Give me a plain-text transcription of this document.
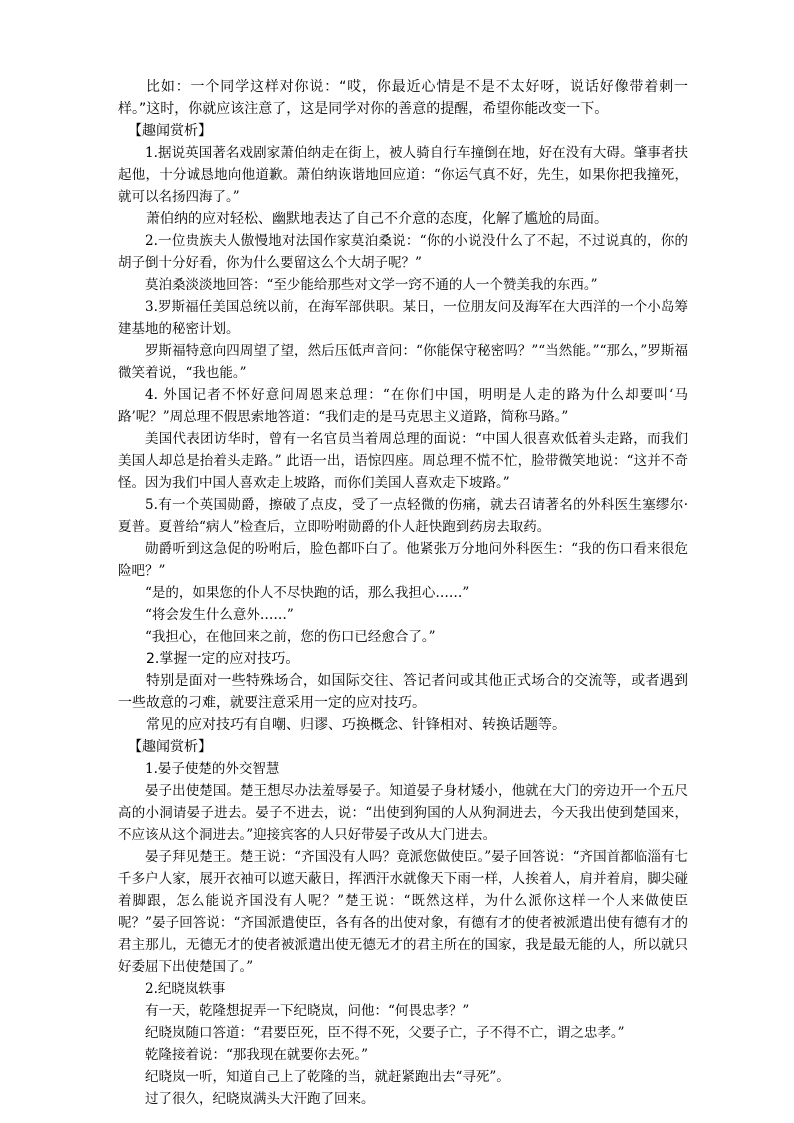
比如：一个同学这样对你说：“哎，你最近心情是不是不太好呀，说话好像带着刺一样。”这时，你就应该注意了，这是同学对你的善意的提醒，希望你能改变一下。

【趣闻赏析】

1.据说英国著名戏剧家萧伯纳走在街上，被人骑自行车撞倒在地，好在没有大碍。肇事者扶起他，十分诚恳地向他道歉。萧伯纳诙谐地回应道：“你运气真不好，先生，如果你把我撞死，就可以名扬四海了。”

萧伯纳的应对轻松、幽默地表达了自己不介意的态度，化解了尴尬的局面。

2.一位贵族夫人傲慢地对法国作家莫泊桑说：“你的小说没什么了不起，不过说真的，你的胡子倒十分好看，你为什么要留这么个大胡子呢？”

莫泊桑淡淡地回答：“至少能给那些对文学一窍不通的人一个赞美我的东西。”

3.罗斯福任美国总统以前，在海军部供职。某日，一位朋友问及海军在大西洋的一个小岛筹建基地的秘密计划。

罗斯福特意向四周望了望，然后压低声音问：“你能保守秘密吗？”“当然能。”“那么，”罗斯福微笑着说，“我也能。”

4. 外国记者不怀好意问周恩来总理：“在你们中国，明明是人走的路为什么却要叫‘马路’呢？”周总理不假思索地答道：“我们走的是马克思主义道路，简称马路。”

美国代表团访华时，曾有一名官员当着周总理的面说：“中国人很喜欢低着头走路，而我们美国人却总是抬着头走路。” 此语一出，语惊四座。周总理不慌不忙，脸带微笑地说：“这并不奇怪。因为我们中国人喜欢走上坡路，而你们美国人喜欢走下坡路。”

5.有一个英国勋爵，擦破了点皮，受了一点轻微的伤痛，就去召请著名的外科医生塞缪尔·夏普。夏普给“病人”检查后，立即吩咐勋爵的仆人赶快跑到药房去取药。

勋爵听到这急促的吩咐后，脸色都吓白了。他紧张万分地问外科医生：“我的伤口看来很危险吧？”

“是的，如果您的仆人不尽快跑的话，那么我担心……”

“将会发生什么意外……”

“我担心，在他回来之前，您的伤口已经愈合了。”

2.掌握一定的应对技巧。

特别是面对一些特殊场合，如国际交往、答记者问或其他正式场合的交流等，或者遇到一些故意的刁难，就要注意采用一定的应对技巧。

常见的应对技巧有自嘲、归谬、巧换概念、针锋相对、转换话题等。

【趣闻赏析】

1.晏子使楚的外交智慧

晏子出使楚国。楚王想尽办法羞辱晏子。知道晏子身材矮小，他就在大门的旁边开一个五尺高的小洞请晏子进去。晏子不进去，说：“出使到狗国的人从狗洞进去，今天我出使到楚国来，不应该从这个洞进去。”迎接宾客的人只好带晏子改从大门进去。

晏子拜见楚王。楚王说：“齐国没有人吗？竟派您做使臣。”晏子回答说：“齐国首都临淄有七千多户人家，展开衣袖可以遮天蔽日，挥洒汗水就像天下雨一样，人挨着人，肩并着肩，脚尖碰着脚跟，怎么能说齐国没有人呢？”楚王说：“既然这样，为什么派你这样一个人来做使臣呢？”晏子回答说：“齐国派遣使臣，各有各的出使对象，有德有才的使者被派遣出使有德有才的君主那儿，无德无才的使者被派遣出使无德无才的君主所在的国家，我是最无能的人，所以就只好委屈下出使楚国了。”

2.纪晓岚轶事

有一天，乾隆想捉弄一下纪晓岚，问他：“何畏忠孝？”

纪晓岚随口答道：“君要臣死，臣不得不死，父要子亡，子不得不亡，谓之忠孝。”

乾隆接着说：“那我现在就要你去死。”

纪晓岚一听，知道自己上了乾隆的当，就赶紧跑出去“寻死”。

过了很久，纪晓岚满头大汗跑了回来。
